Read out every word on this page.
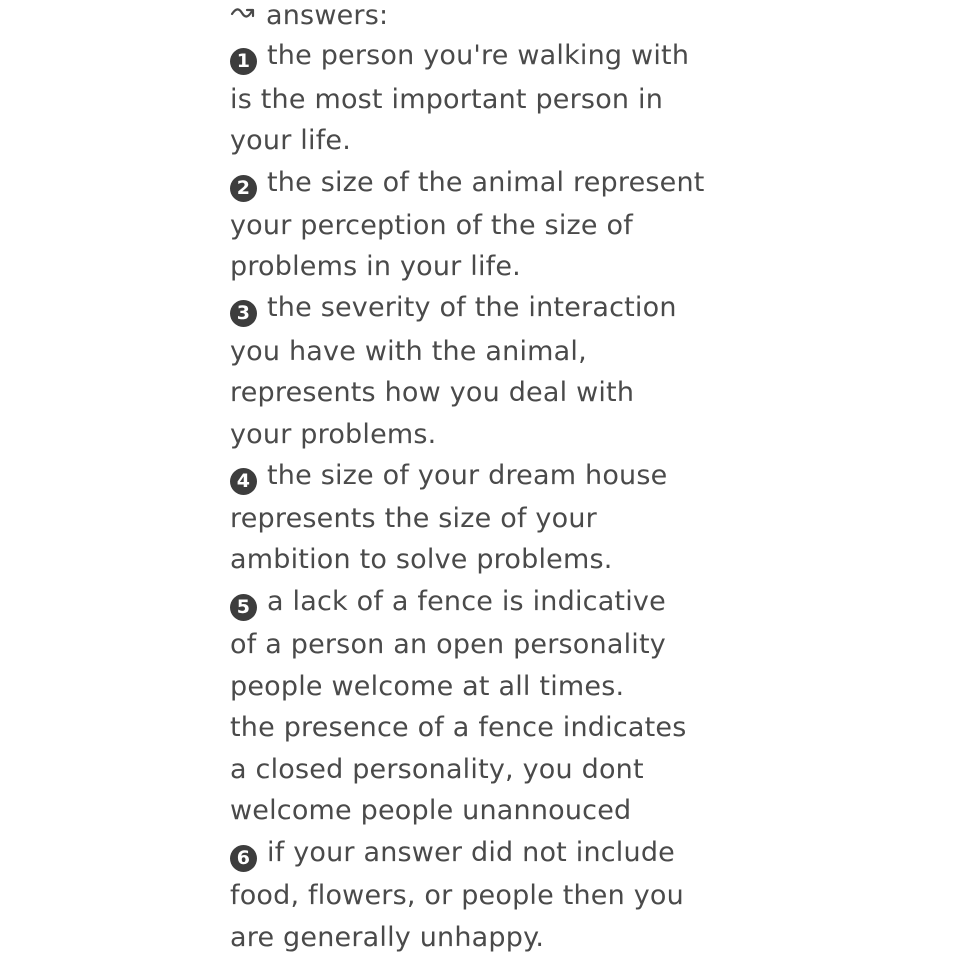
answers:
1 the person you're walking with
is the most important person in
your life.
2 the size of the animal represent
your perception of the size of
problems in your life.
3 the severity of the interaction
you have with the animal,
represents how you deal with
your problems.
4 the size of your dream house
represents the size of your
ambition to solve problems.
5 a lack of a fence is indicative
of a person an open personality
people welcome at all times.
the presence of a fence indicates
a closed personality, you dont
welcome people unannouced
6 if your answer did not include
food, flowers, or people then you
are generally unhappy.
